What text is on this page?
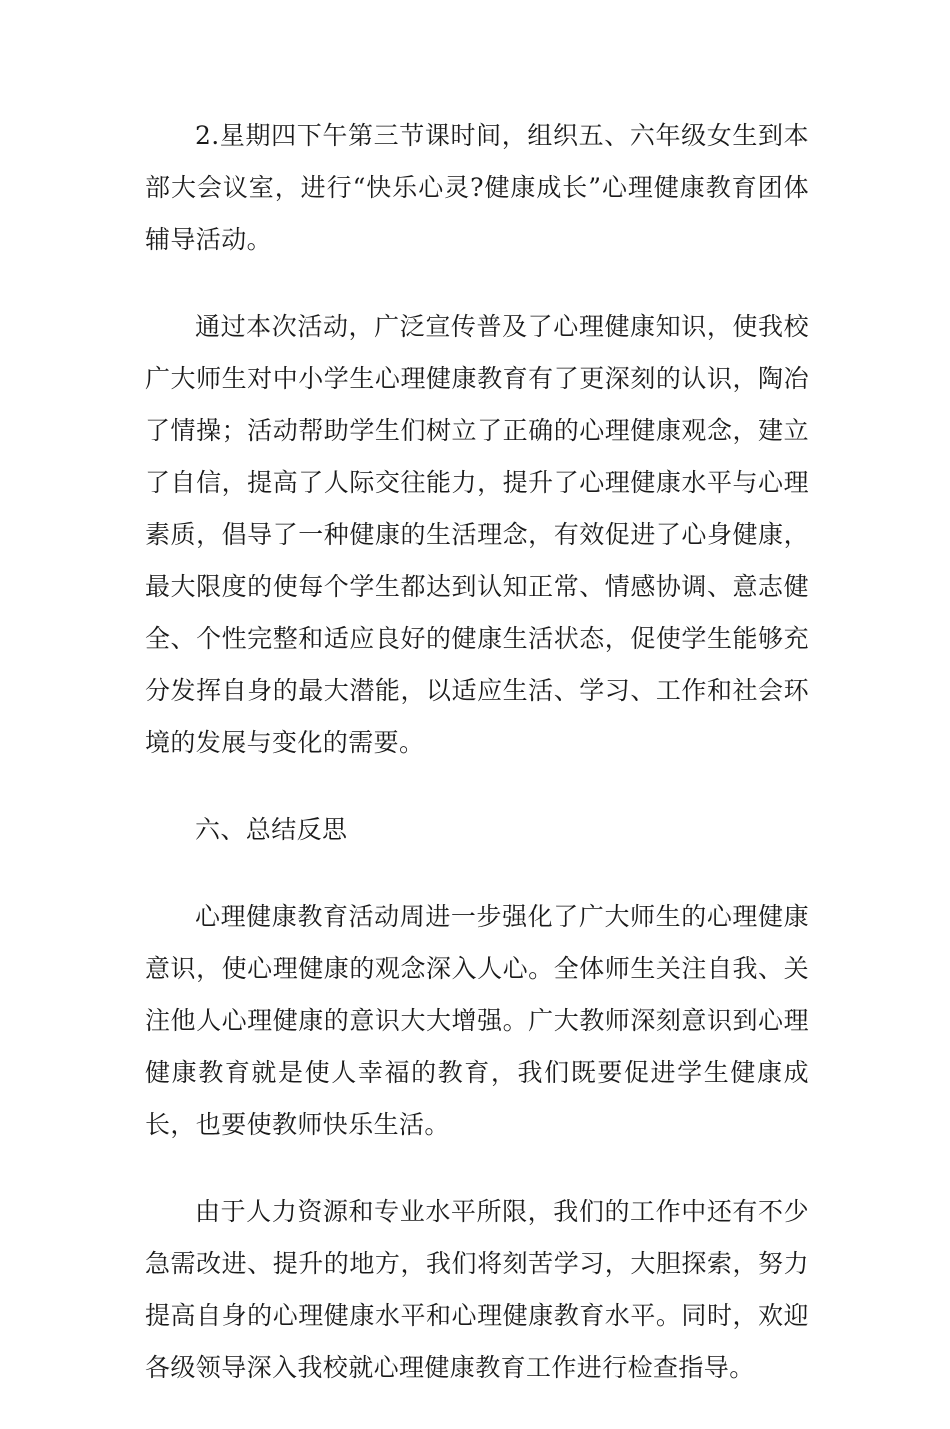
2.星期四下午第三节课时间，组织五、六年级女生到本部大会议室，进行“快乐心灵?健康成长”心理健康教育团体辅导活动。

通过本次活动，广泛宣传普及了心理健康知识，使我校广大师生对中小学生心理健康教育有了更深刻的认识，陶冶了情操；活动帮助学生们树立了正确的心理健康观念，建立了自信，提高了人际交往能力，提升了心理健康水平与心理素质，倡导了一种健康的生活理念，有效促进了心身健康，最大限度的使每个学生都达到认知正常、情感协调、意志健全、个性完整和适应良好的健康生活状态，促使学生能够充分发挥自身的最大潜能，以适应生活、学习、工作和社会环境的发展与变化的需要。

六、总结反思

心理健康教育活动周进一步强化了广大师生的心理健康意识，使心理健康的观念深入人心。全体师生关注自我、关注他人心理健康的意识大大增强。广大教师深刻意识到心理健康教育就是使人幸福的教育，我们既要促进学生健康成长，也要使教师快乐生活。

由于人力资源和专业水平所限，我们的工作中还有不少急需改进、提升的地方，我们将刻苦学习，大胆探索，努力提高自身的心理健康水平和心理健康教育水平。同时，欢迎各级领导深入我校就心理健康教育工作进行检查指导。
